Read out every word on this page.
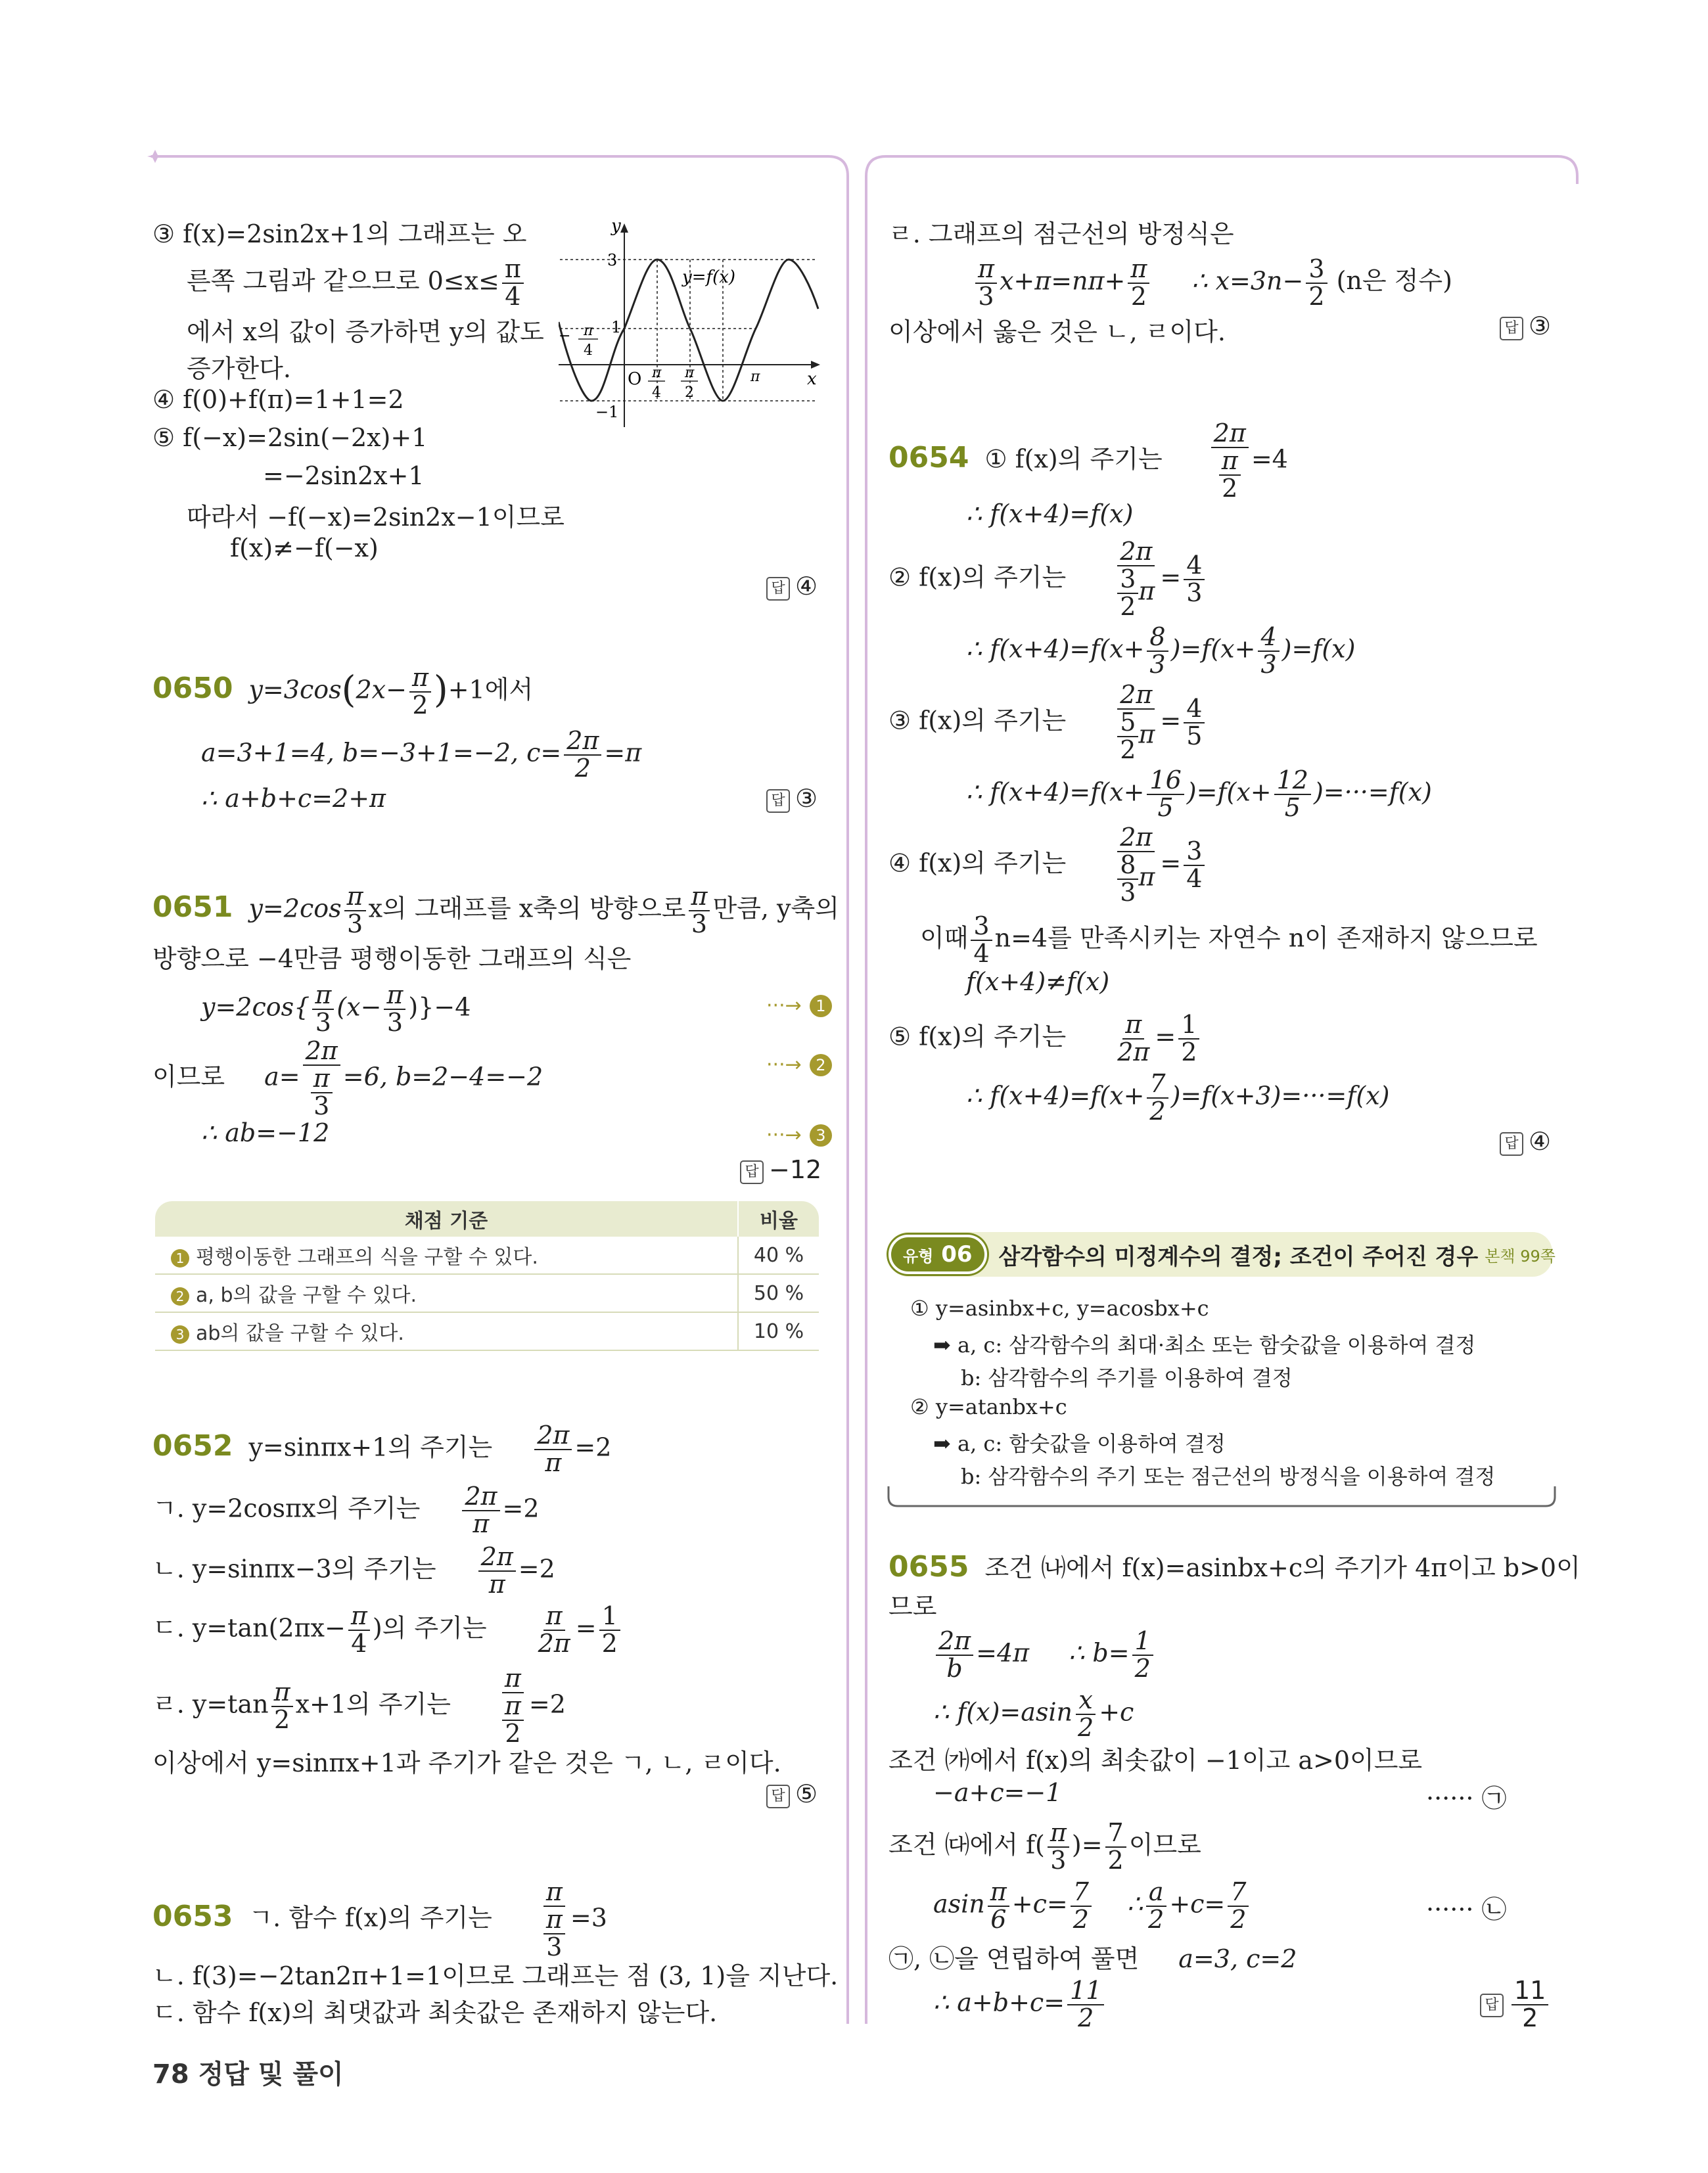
③ f(x)=2sin2x+1의 그래프는 오
른쪽 그림과 같으므로 $0\le x\le \frac{\pi}{4}$
에서 x의 값이 증가하면 y의 값도
증가한다.
④ f(0)+f(π)=1+1=2
⑤ f(−x)=2sin(−2x)+1
=−2sin2x+1
따라서 −f(−x)=2sin2x−1이므로
f(x)≠−f(−x)
답 ④
y
x
3
1
−1
O
− π
4
π
4
π
2
π
y=f(x)
0650 $y=3\cos(2x- \frac{\pi}{2} )+1$에서
a=3+1=4, b=−3+1=−2, $c= \frac{2\pi}{2} =\pi$
∴ a+b+c=2+π	답 ③
0651 $y=2\cos \frac{\pi}{3}$ x의 그래프를 x축의 방향으로 $\frac{\pi}{3}$ 만큼, y축의
방향으로 −4만큼 평행이동한 그래프의 식은
$y=2\cos\{ \frac{\pi}{3} (x- \frac{\pi}{3} )\}-4$	···→ 1
이므로 $a= \frac{2\pi}{\frac{\pi}{3}} =6$, b=2−4=−2	···→ 2
∴ ab=−12	···→ 3
답 −12
채점 기준	비율
1 평행이동한 그래프의 식을 구할 수 있다.	40 %
2 a, b의 값을 구할 수 있다.	50 %
3 ab의 값을 구할 수 있다.	10 %
0652 y=sinπx+1의 주기는 $\frac{2\pi}{\pi} =2$
ㄱ. y=2cosπx의 주기는 $\frac{2\pi}{\pi} =2$
ㄴ. y=sinπx−3의 주기는 $\frac{2\pi}{\pi} =2$
ㄷ. $y=\tan(2\pi x- \frac{\pi}{4}$ )의 주기는 $\frac{\pi}{2\pi} = \frac{1}{2}$
ㄹ. $y=\tan \frac{\pi}{2} x+1$의 주기는 $\frac{\pi}{\frac{\pi}{2}} =2$
이상에서 y=sinπx+1과 주기가 같은 것은 ㄱ, ㄴ, ㄹ이다.
답 ⑤
0653 ㄱ. 함수 f(x)의 주기는 $\frac{\pi}{\frac{\pi}{3}} =3$
ㄴ. f(3)=−2tan2π+1=1이므로 그래프는 점 (3, 1)을 지난다.
ㄷ. 함수 f(x)의 최댓값과 최솟값은 존재하지 않는다.
78 정답 및 풀이
ㄹ. 그래프의 점근선의 방정식은
$\frac{\pi}{3} x+\pi=n\pi+ \frac{\pi}{2}$ ∴ $x=3n- \frac{3}{2} (n$은 정수)
이상에서 옳은 것은 ㄴ, ㄹ이다.	답 ③
0654 ① f(x)의 주기는 $\frac{2\pi}{\frac{\pi}{2}} =4$
∴ f(x+4)=f(x)
② f(x)의 주기는 $\frac{2\pi}{\frac{3}{2} \pi} = \frac{4}{3}$
∴ $f(x+4)=f(x+ \frac{8}{3} )=f(x+ \frac{4}{3} )=f(x)$
③ f(x)의 주기는 $\frac{2\pi}{\frac{5}{2} \pi} = \frac{4}{5}$
∴ $f(x+4)=f(x+ \frac{16}{5} )=f(x+ \frac{12}{5} )=\cdot\cdot\cdot=f(x)$
④ f(x)의 주기는 $\frac{2\pi}{\frac{8}{3} \pi} = \frac{3}{4}$
이때 $\frac{3}{4} n=4$를 만족시키는 자연수 n이 존재하지 않으므로
f(x+4)≠f(x)
⑤ f(x)의 주기는 $\frac{\pi}{2\pi} = \frac{1}{2}$
∴ $f(x+4)=f(x+ \frac{7}{2} )=f(x+3)=\cdot\cdot\cdot=f(x)$
답 ④
유형 06	삼각함수의 미정계수의 결정; 조건이 주어진 경우 본책 99쪽
① y=asinbx+c, y=acosbx+c
➡ a, c: 삼각함수의 최대·최소 또는 함숫값을 이용하여 결정
b: 삼각함수의 주기를 이용하여 결정
② y=atanbx+c
➡ a, c: 함숫값을 이용하여 결정
b: 삼각함수의 주기 또는 점근선의 방정식을 이용하여 결정
0655 조건 ㈏에서 f(x)=asinbx+c의 주기가 4π이고 b>0이
므로
$\frac{2\pi}{b} =4\pi$ ∴ $b= \frac{1}{2}$
∴ $f(x)=asin \frac{x}{2} +c$
조건 ㈎에서 f(x)의 최솟값이 −1이고 a>0이므로
−a+c=−1	······ ㉠
조건 ㈐에서 $f( \frac{\pi}{3}$ )= $\frac{7}{2}$ 이므로
asin $\frac{\pi}{6} +c= \frac{7}{2}$ ∴ $\frac{a}{2} +c= \frac{7}{2}$	······ ㉡
㉠, ㉡을 연립하여 풀면 a=3, c=2
∴ $a+b+c= \frac{11}{2}$	답 $\frac{11}{2}$
